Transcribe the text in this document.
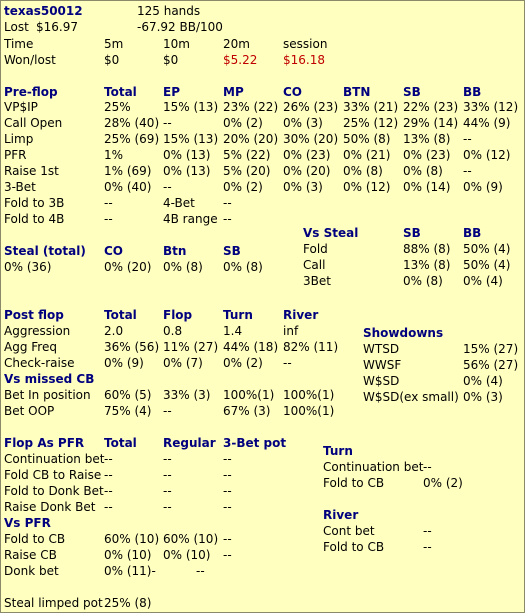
texas50012	125 hands
Lost $16.97	-67.92 BB/100
Time	5m	10m	20m	session
Won/lost	$0	$0	$5.22 $16.18
Pre-flop	Total EP	MP	CO	BTN	SB	BB
VP$IP	25%	15% (13) 23% (22) 26% (23) 33% (21) 22% (23) 33% (12)
Call Open	28% (40) --	0% (2) 0% (3) 25% (12) 29% (14) 44% (9)
Limp	25% (69) 15% (13) 20% (20) 30% (20) 50% (8) 13% (8) --
PFR	1%	0% (13) 5% (22) 0% (23) 0% (21) 0% (23) 0% (12)
Raise 1st	1% (69) 0% (13) 5% (20) 0% (20) 0% (8) 0% (8) --
3-Bet	0% (40) --	0% (2) 0% (3) 0% (12) 0% (14) 0% (9)
Fold to 3B	--	4-Bet --
Fold to 4B	--	4B range --
Vs Steal	SB	BB
Fold	88% (8) 50% (4)
Call	13% (8) 50% (4)
3Bet	0% (8) 0% (4)
Steal (total) CO	Btn	SB
0% (36)	0% (20) 0% (8) 0% (8)
Post flop	Total Flop	Turn	River
Aggression	2.0	0.8	1.4	inf
Agg Freq	36% (56) 11% (27) 44% (18) 82% (11)
Check-raise 0% (9) 0% (7) 0% (2) --
Vs missed CB
Bet In position 60% (5) 33% (3) 100%(1) 100%(1)
Bet OOP	75% (4) --	67% (3) 100%(1)
Showdowns
WTSD	15% (27)
WWSF	56% (27)
W$SD	0% (4)
W$SD(ex small) 0% (3)
Flop As PFR Total Regular 3-Bet pot
Continuation bet --	--	--
Fold CB to Raise --	--	--
Fold to Donk Bet --	--	--
Raise Donk Bet --	--	--
Vs PFR
Fold to CB	60% (10) 60% (10) --
Raise CB	0% (10) 0% (10) --
Donk bet	0% (11)-	--
Turn
Continuation bet --
Fold to CB	0% (2)
River
Cont bet	--
Fold to CB	--
Steal limped pot 25% (8)
